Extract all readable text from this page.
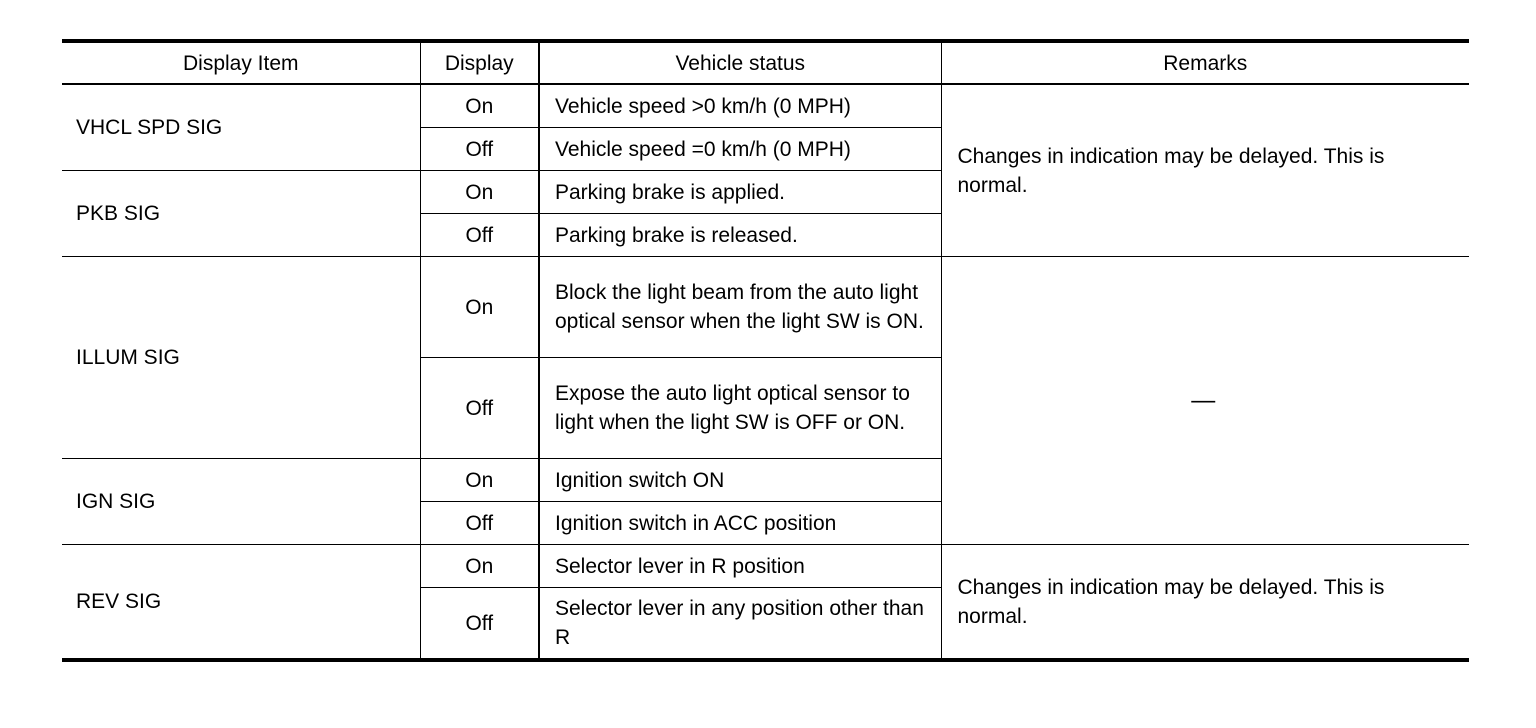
Display Item	Display	Vehicle status	Remarks
VHCL SPD SIG	On	Vehicle speed >0 km/h (0 MPH)	Changes in indication may be delayed. This is normal.
	Off	Vehicle speed =0 km/h (0 MPH)	
PKB SIG	On	Parking brake is applied.	
	Off	Parking brake is released.	
ILLUM SIG	On	Block the light beam from the auto light optical sensor when the light SW is ON.	—
	Off	Expose the auto light optical sensor to light when the light SW is OFF or ON.	
IGN SIG	On	Ignition switch ON	
	Off	Ignition switch in ACC position	
REV SIG	On	Selector lever in R position	Changes in indication may be delayed. This is normal.
	Off	Selector lever in any position other than R	
